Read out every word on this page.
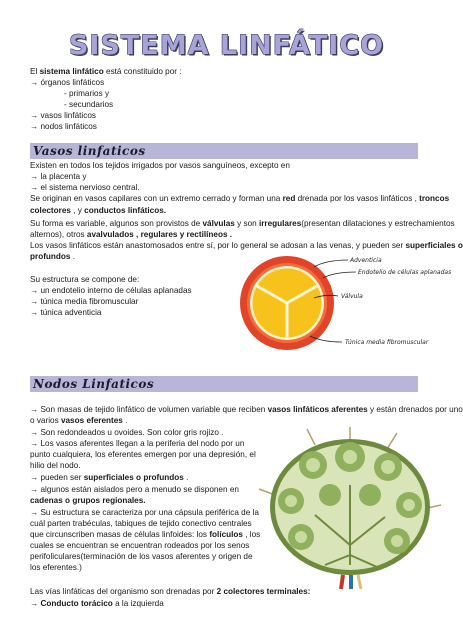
SISTEMA LINFÁTICO
El sistema linfático está constituido por :
→ órganos linfáticos
- primarios y
- secundarios
→ vasos linfáticos
→ nodos linfáticos
Vasos linfaticos
Existen en todos los tejidos irrigados por vasos sanguíneos, excepto en
→ la placenta y
→ el sistema nervioso central.
Se originan en vasos capilares con un extremo cerrado y forman una red drenada por los vasos linfáticos , troncos
colectores , y conductos linfáticos.
Su forma es variable, algunos son provistos de válvulas y son irregulares(presentan dilataciones y estrechamientos
alternos), otros avalvulados , regulares y rectilíneos .
Los vasos linfáticos están anastomosados entre sí, por lo general se adosan a las venas, y pueden ser superficiales o
profundos .
Su estructura se compone de:
→ un endotelio interno de células aplanadas
→ túnica media fibromuscular
→ túnica adventicia
Adventicia
Endotelio de células aplanadas
Válvula
Túnica media fibromuscular
Nodos Linfaticos
→ Son masas de tejido linfático de volumen variable que reciben vasos linfáticos aferentes y están drenados por uno
o varios vasos eferentes .
→ Son redondeados u ovoides. Son color gris rojizo .
→ Los vasos aferentes llegan a la periferia del nodo por un
punto cualquiera, los eferentes emergen por una depresión, el
hilio del nodo.
→ pueden ser superficiales o profundos .
→ algunos están aislados pero a menudo se disponen en
cadenas o grupos regionales.
→ Su estructura se caracteriza por una cápsula periférica de la
cuál parten trabéculas, tabiques de tejido conectivo centrales
que circunscriben masas de células linfoides: los folículos , los
cuales se encuentran se encuentran rodeados por los senos
perifoliculares(terminación de los vasos aferentes y origen de
los eferentes.)
Las vías linfáticas del organismo son drenadas por 2 colectores terminales:
→ Conducto torácico a la izquierda
